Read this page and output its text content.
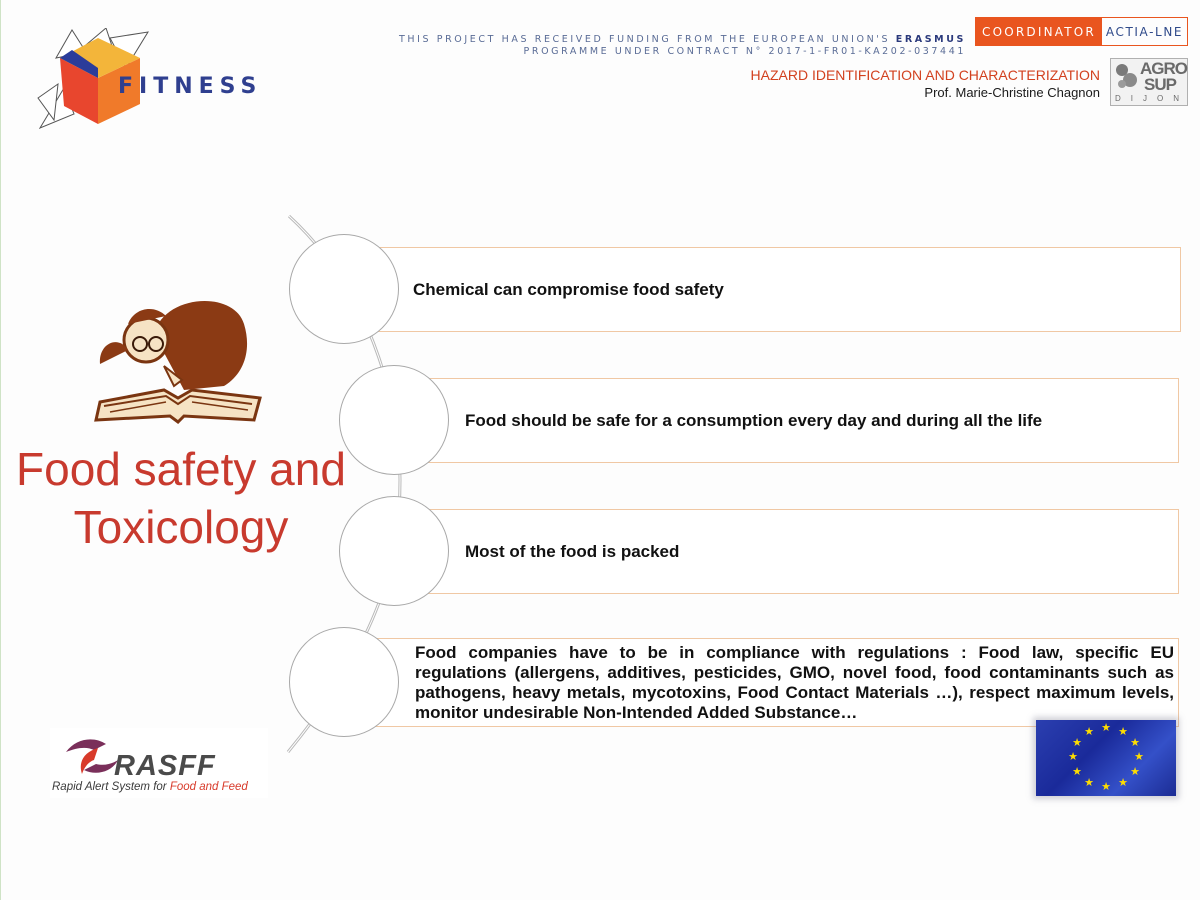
FITNESS
THIS PROJECT HAS RECEIVED FUNDING FROM THE EUROPEAN UNION'S ERASMUS
PROGRAMME UNDER CONTRACT N° 2017-1-FR01-KA202-037441
COORDINATOR ACTIA-LNE
HAZARD IDENTIFICATION AND CHARACTERIZATION
Prof. Marie-Christine Chagnon
AGRO
SUP
DIJON
Food safety and
Toxicology
Chemical can compromise food safety
Food should be safe for a consumption every day and during all the life
Most of the food is packed
Food companies have to be in compliance with regulations : Food law, specific EU regulations (allergens, additives, pesticides, GMO, novel food, food contaminants such as pathogens, heavy metals, mycotoxins, Food Contact Materials …), respect maximum levels, monitor undesirable Non-Intended Added Substance…
RASFF
Rapid Alert System for Food and Feed
★ ★
★
★
★
★
★
★
★
★
★
★
